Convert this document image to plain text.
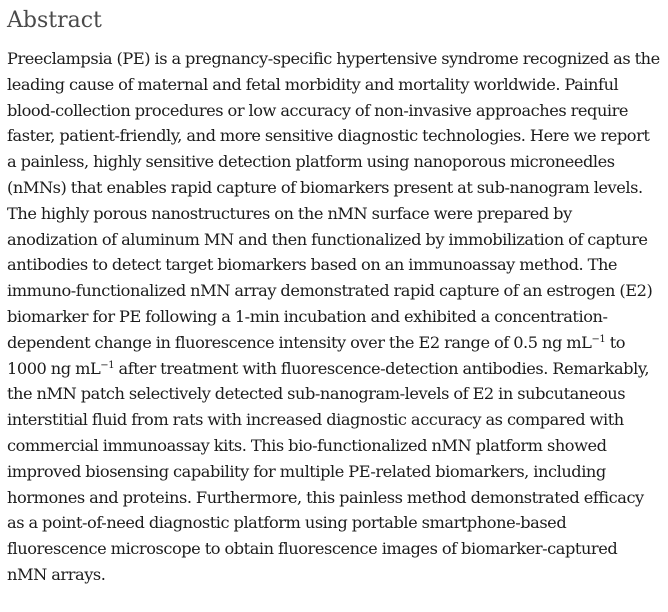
Abstract

Preeclampsia (PE) is a pregnancy-specific hypertensive syndrome recognized as the leading cause of maternal and fetal morbidity and mortality worldwide. Painful blood-collection procedures or low accuracy of non-invasive approaches require faster, patient-friendly, and more sensitive diagnostic technologies. Here we report a painless, highly sensitive detection platform using nanoporous microneedles (nMNs) that enables rapid capture of biomarkers present at sub-nanogram levels. The highly porous nanostructures on the nMN surface were prepared by anodization of aluminum MN and then functionalized by immobilization of capture antibodies to detect target biomarkers based on an immunoassay method. The immuno-functionalized nMN array demonstrated rapid capture of an estrogen (E2) biomarker for PE following a 1-min incubation and exhibited a concentration-dependent change in fluorescence intensity over the E2 range of 0.5 ng $mL^{-1}$ to 1000 ng $mL^{-1}$ after treatment with fluorescence-detection antibodies. Remarkably, the nMN patch selectively detected sub-nanogram-levels of E2 in subcutaneous interstitial fluid from rats with increased diagnostic accuracy as compared with commercial immunoassay kits. This bio-functionalized nMN platform showed improved biosensing capability for multiple PE-related biomarkers, including hormones and proteins. Furthermore, this painless method demonstrated efficacy as a point-of-need diagnostic platform using portable smartphone-based fluorescence microscope to obtain fluorescence images of biomarker-captured nMN arrays.
